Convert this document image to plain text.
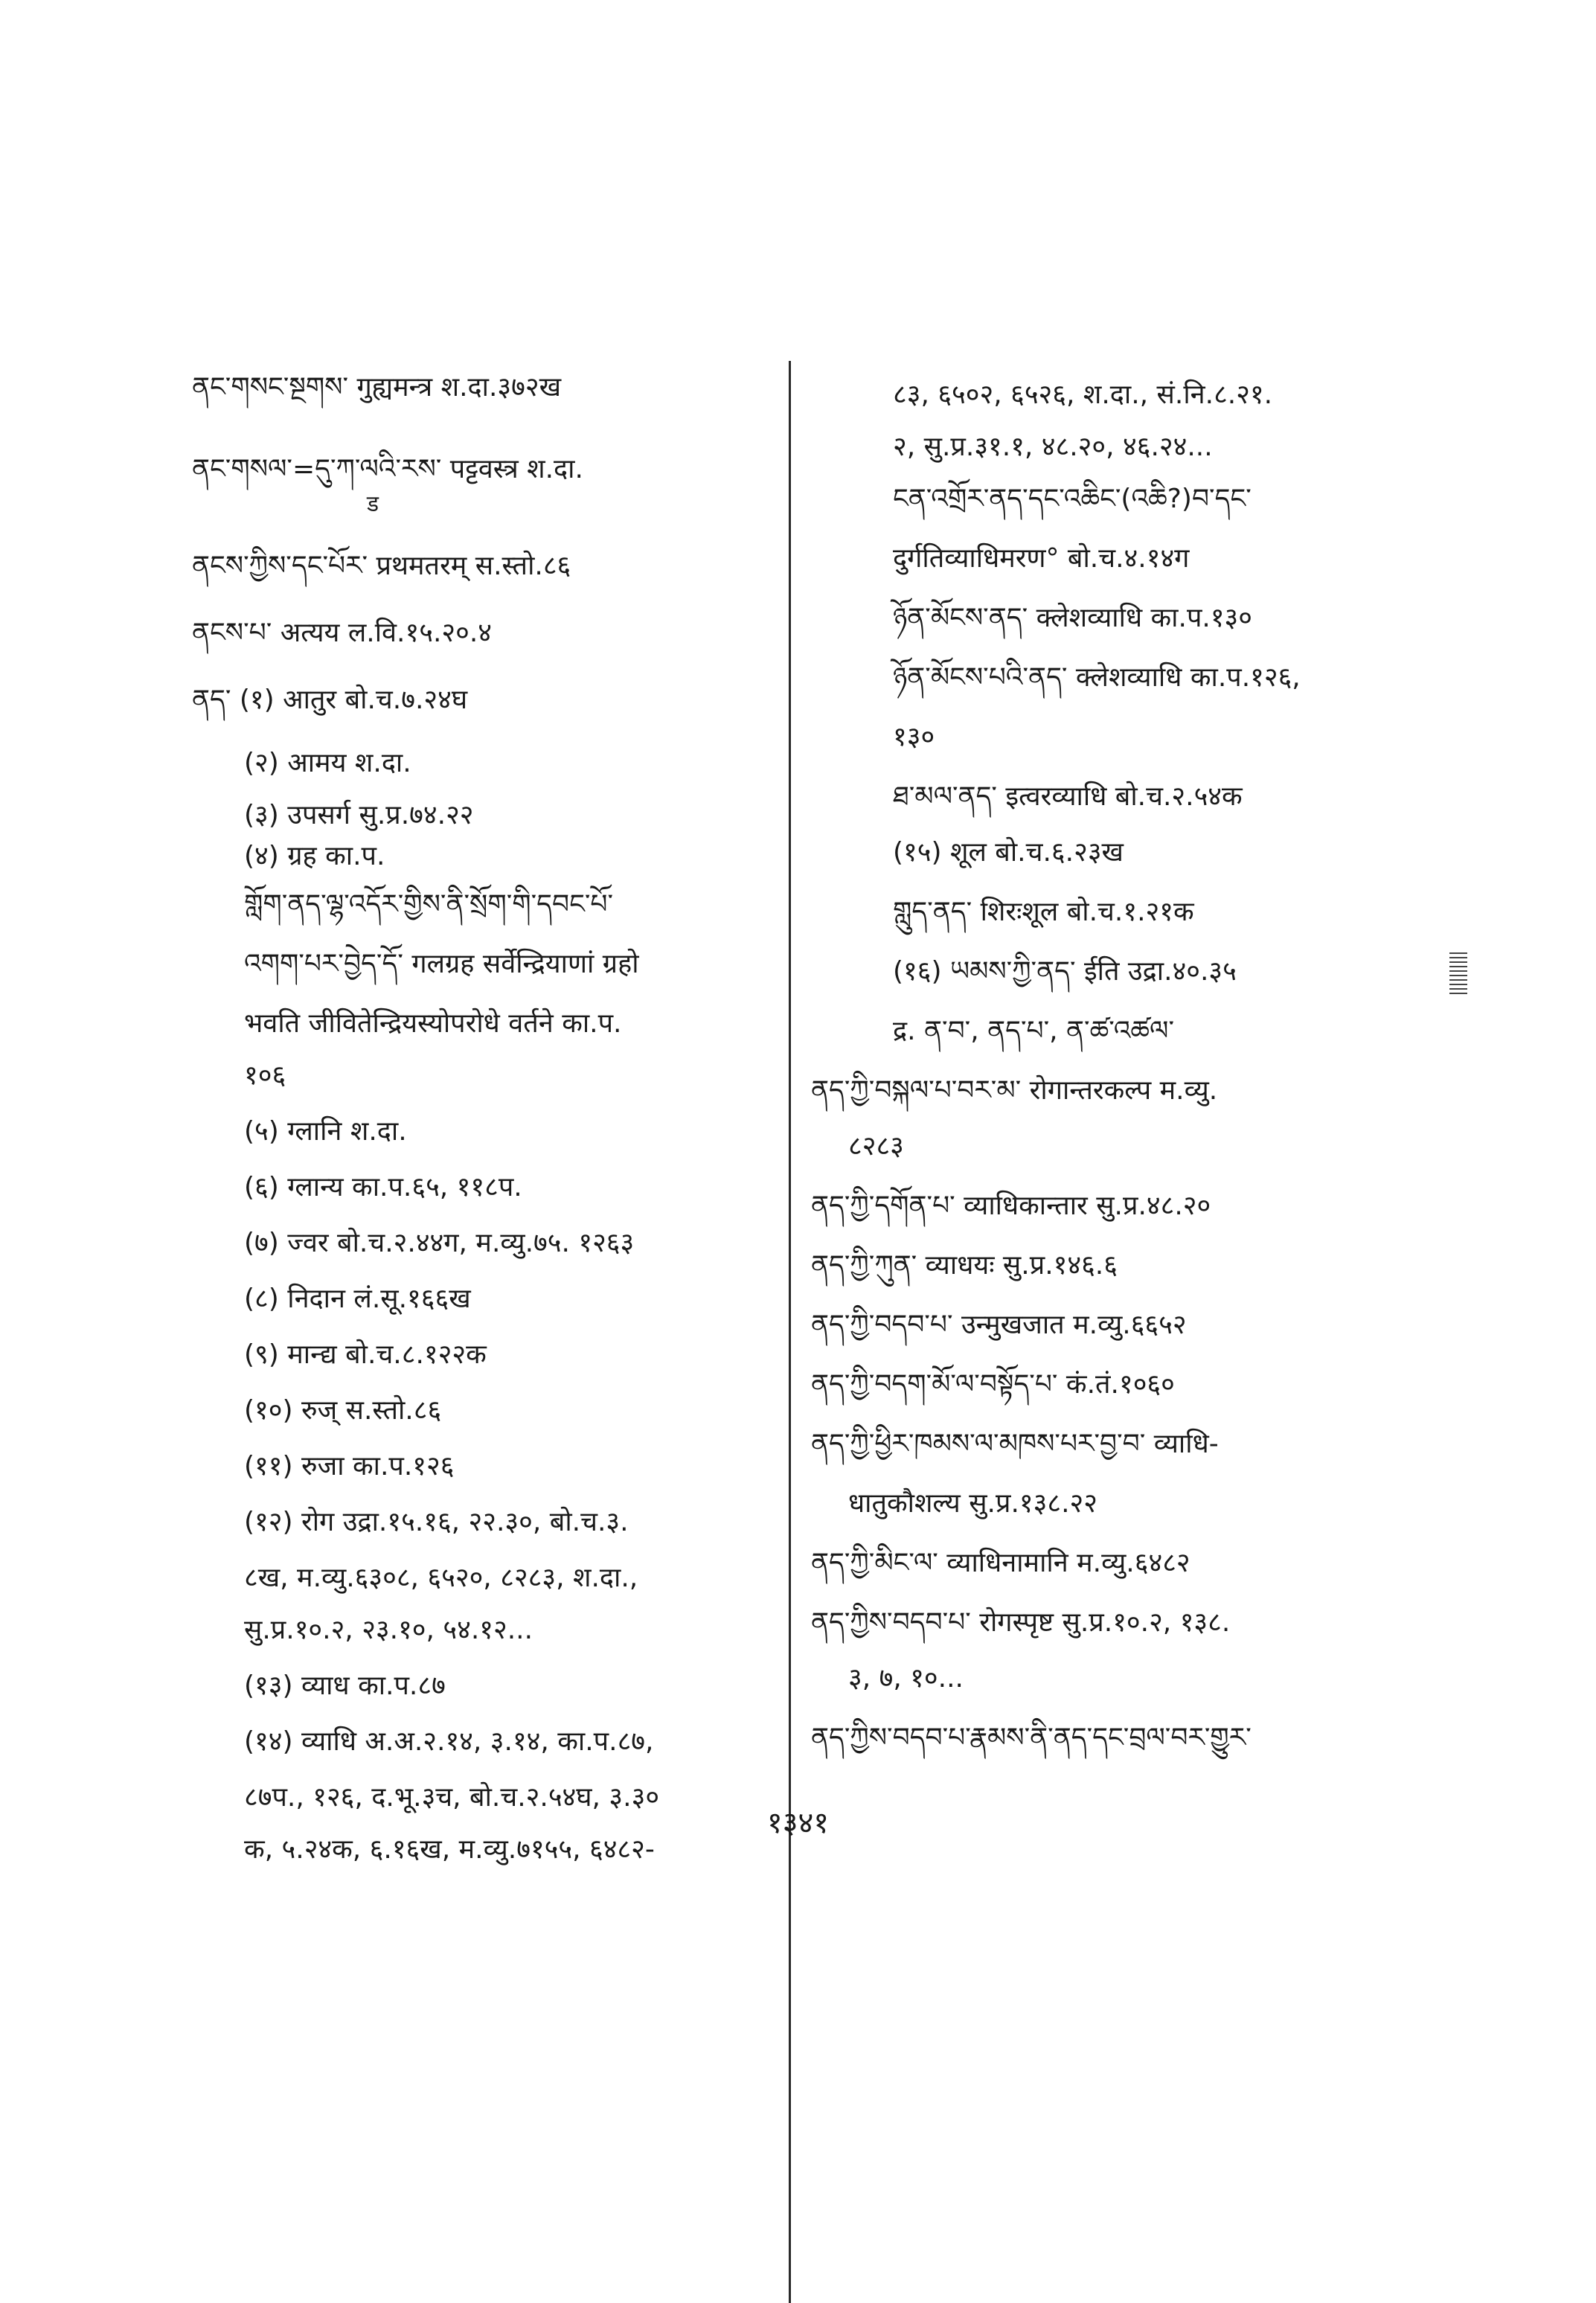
ནང་གསང་སྔགས་ गुह्यमन्त्र श.दा.३७२ख
ནང་གསལ་=དུ་ཀ་ལའི་རས་ पट्टवस्त्र श.दा.
ड
ནངས་ཀྱིས་དང་པོར་ प्रथमतरम् स.स्तो.८६
ནངས་པ་ अत्यय ल.वि.१५.२०.४
ནད་ (१) आतुर बो.च.७.२४घ
(२) आमय श.दा.
(३) उपसर्ग सु.प्र.७४.२२
(४) ग्रह का.प.
གློག་ནད་ལྷ་འདོར་གྱིས་ནི་སྲོག་གི་དབང་པོ་
འགག་པར་བྱེད་དོ་ गलग्रह सर्वेन्द्रियाणां ग्रहो
भवति जीवितेन्द्रियस्योपरोधे वर्तने का.प.
१०६
(५) ग्लानि श.दा.
(६) ग्लान्य का.प.६५, ११८प.
(७) ज्वर बो.च.२.४४ग, म.व्यु.७५. १२६३
(८) निदान लं.सू.१६६ख
(९) मान्द्य बो.च.८.१२२क
(१०) रुज् स.स्तो.८६
(११) रुजा का.प.१२६
(१२) रोग उद्रा.१५.१६, २२.३०, बो.च.३.
८ख, म.व्यु.६३०८, ६५२०, ८२८३, श.दा.,
सु.प्र.१०.२, २३.१०, ५४.१२...
(१३) व्याध का.प.८७
(१४) व्याधि अ.अ.२.१४, ३.१४, का.प.८७,
८७प., १२६, द.भू.३च, बो.च.२.५४घ, ३.३०
क, ५.२४क, ६.१६ख, म.व्यु.७१५५, ६४८२-
८३, ६५०२, ६५२६, श.दा., सं.नि.८.२१.
२, सु.प्र.३१.१, ४८.२०, ४६.२४...
ངན་འགྲོར་ནད་དང་འཆིང་(འཆི?)བ་དང་
दुर्गतिव्याधिमरण° बो.च.४.१४ग
ཉོན་མོངས་ནད་ क्लेशव्याधि का.प.१३०
ཉོན་མོངས་པའི་ནད་ क्लेशव्याधि का.प.१२६,
१३०
ཐ་མལ་ནད་ इत्वरव्याधि बो.च.२.५४क
(१५) शूल बो.च.६.२३ख
གླུད་ནད་ शिरःशूल बो.च.१.२१क
(१६) ཡམས་ཀྱི་ནད་ ईति उद्रा.४०.३५
द्र. ན་བ་, ནད་པ་, ན་ཚ་འཚལ་
ནད་ཀྱི་བསྐལ་པ་བར་མ་ रोगान्तरकल्प म.व्यु.
८२८३
ནད་ཀྱི་དགོན་པ་ व्याधिकान्तार सु.प्र.४८.२०
ནད་ཀྱི་ཀུན་ व्याधयः सु.प्र.१४६.६
ནད་ཀྱི་བདབ་པ་ उन्मुखजात म.व्यु.६६५२
ནད་ཀྱི་བདག་མོ་ལ་བསྟོད་པ་ कं.तं.१०६०
ནད་ཀྱི་ཕྱིར་ཁམས་ལ་མཁས་པར་བྱ་བ་ व्याधि-
धातुकौशल्य सु.प्र.१३८.२२
ནད་ཀྱི་མིང་ལ་ व्याधिनामानि म.व्यु.६४८२
ནད་ཀྱིས་བདབ་པ་ रोगस्पृष्ट सु.प्र.१०.२, १३८.
३, ७, १०...
ནད་ཀྱིས་བདབ་པ་རྣམས་ནི་ནད་དང་བྲལ་བར་གྱུར་
१३४१
